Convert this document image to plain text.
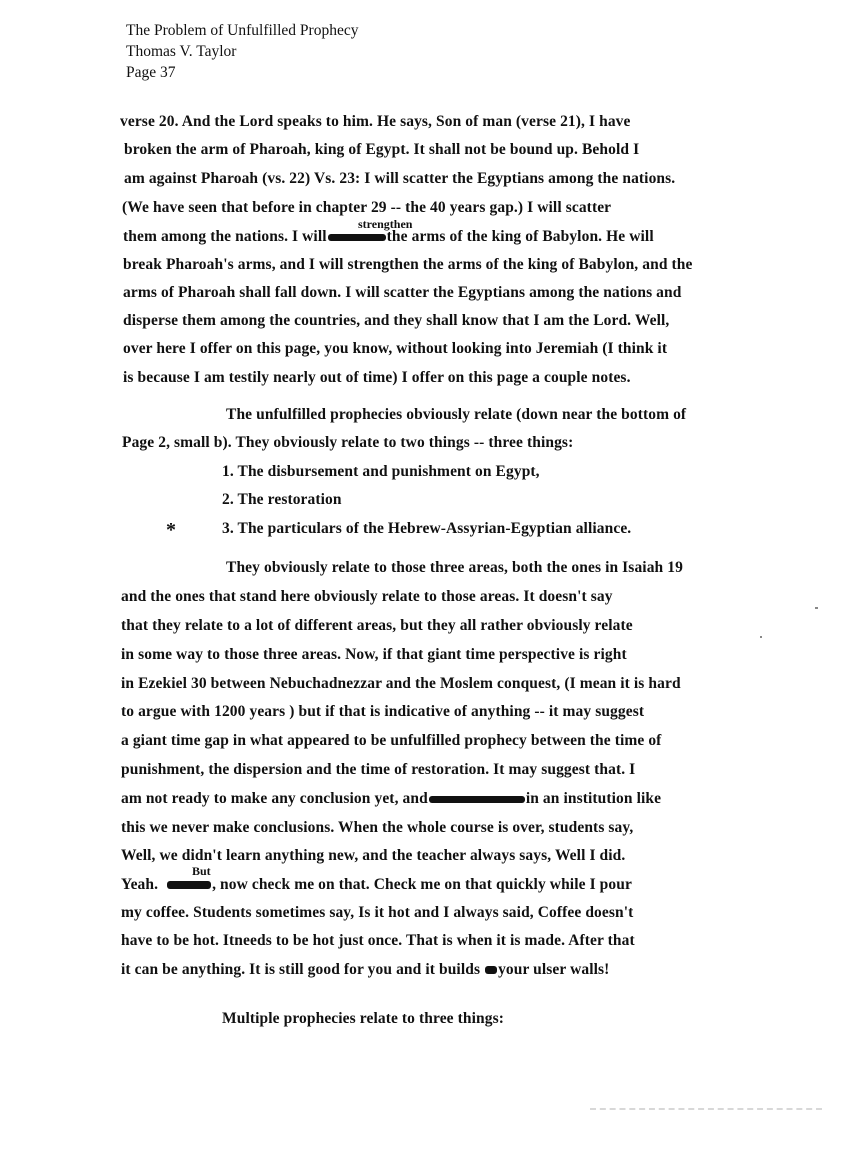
The Problem of Unfulfilled Prophecy
Thomas V. Taylor
Page 37
verse 20. And the Lord speaks to him. He says, Son of man (verse 21), I have
broken the arm of Pharoah, king of Egypt. It shall not be bound up. Behold I
am against Pharoah (vs. 22) Vs. 23: I will scatter the Egyptians among the nations.
(We have seen that before in chapter 29 -- the 40 years gap.) I will scatter
strengthen
them among the nations. I will	the arms of the king of Babylon. He will
break Pharoah's arms, and I will strengthen the arms of the king of Babylon, and the
arms of Pharoah shall fall down. I will scatter the Egyptians among the nations and
disperse them among the countries, and they shall know that I am the Lord. Well,
over here I offer on this page, you know, without looking into Jeremiah (I think it
is because I am testily nearly out of time) I offer on this page a couple notes.
The unfulfilled prophecies obviously relate (down near the bottom of
Page 2, small b). They obviously relate to two things -- three things:
1. The disbursement and punishment on Egypt,
2. The restoration
*	3. The particulars of the Hebrew-Assyrian-Egyptian alliance.
They obviously relate to those three areas, both the ones in Isaiah 19
and the ones that stand here obviously relate to those areas. It doesn't say
that they relate to a lot of different areas, but they all rather obviously relate
in some way to those three areas. Now, if that giant time perspective is right
in Ezekiel 30 between Nebuchadnezzar and the Moslem conquest, (I mean it is hard
to argue with 1200 years ) but if that is indicative of anything -- it may suggest
a giant time gap in what appeared to be unfulfilled prophecy between the time of
punishment, the dispersion and the time of restoration. It may suggest that. I
am not ready to make any conclusion yet, and	in an institution like
this we never make conclusions. When the whole course is over, students say,
Well, we didn't learn anything new, and the teacher always says, Well I did.
But
Yeah.	, now check me on that. Check me on that quickly while I pour
my coffee. Students sometimes say, Is it hot and I always said, Coffee doesn't
have to be hot. Itneeds to be hot just once. That is when it is made. After that
it can be anything. It is still good for you and it builds your ulser walls!
Multiple prophecies relate to three things:
